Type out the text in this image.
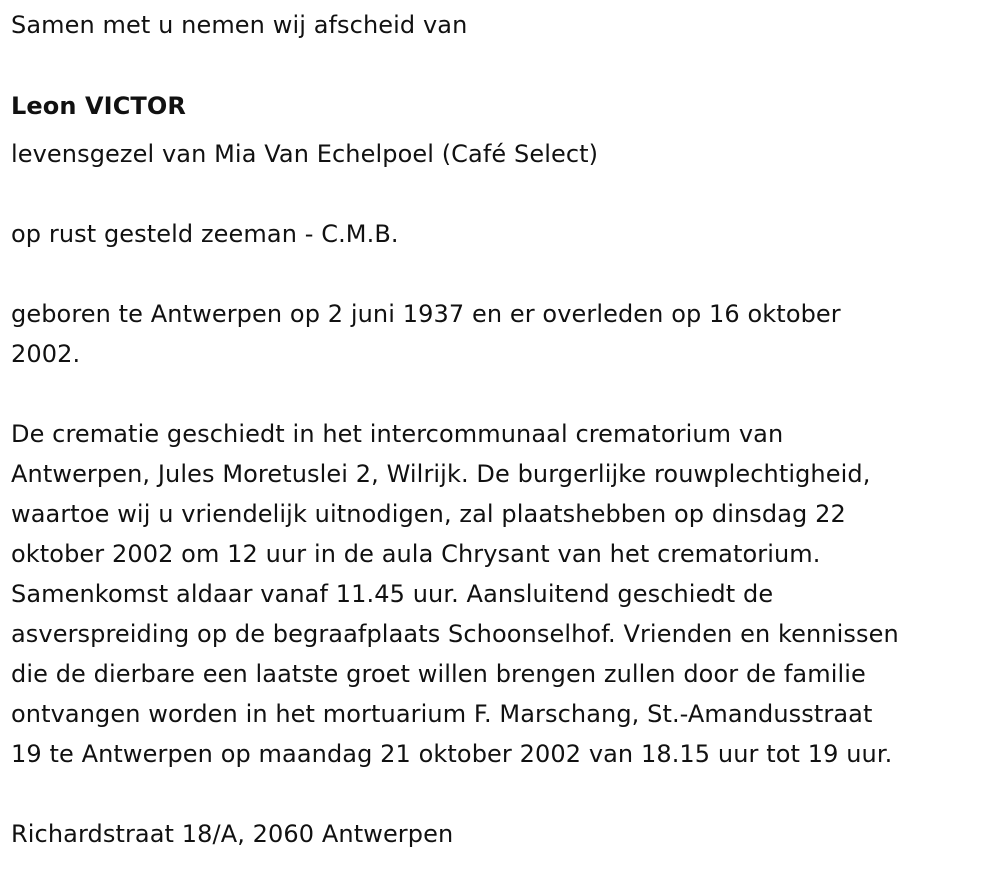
Samen met u nemen wij afscheid van
Leon VICTOR
levensgezel van Mia Van Echelpoel (Café Select)
op rust gesteld zeeman - C.M.B.
geboren te Antwerpen op 2 juni 1937 en er overleden op 16 oktober
2002.
De crematie geschiedt in het intercommunaal crematorium van
Antwerpen, Jules Moretuslei 2, Wilrijk. De burgerlijke rouwplechtigheid,
waartoe wij u vriendelijk uitnodigen, zal plaatshebben op dinsdag 22
oktober 2002 om 12 uur in de aula Chrysant van het crematorium.
Samenkomst aldaar vanaf 11.45 uur. Aansluitend geschiedt de
asverspreiding op de begraafplaats Schoonselhof. Vrienden en kennissen
die de dierbare een laatste groet willen brengen zullen door de familie
ontvangen worden in het mortuarium F. Marschang, St.-Amandusstraat
19 te Antwerpen op maandag 21 oktober 2002 van 18.15 uur tot 19 uur.
Richardstraat 18/A, 2060 Antwerpen
